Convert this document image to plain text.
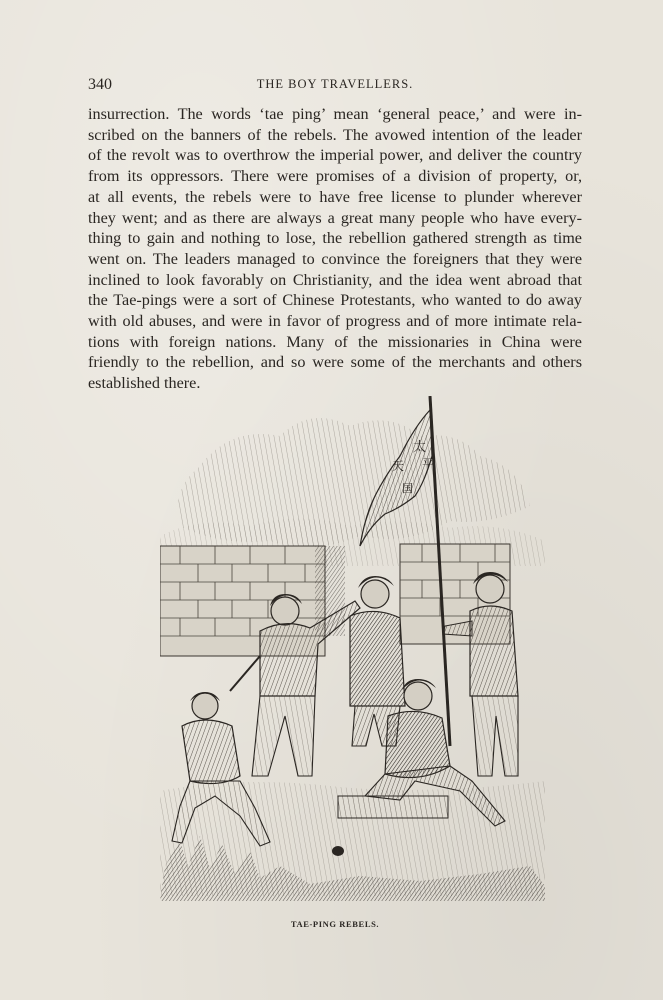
340	THE BOY TRAVELLERS.

insurrection. The words ‘tae ping’ mean ‘general peace,’ and were in-
scribed on the banners of the rebels. The avowed intention of the leader
of the revolt was to overthrow the imperial power, and deliver the country
from its oppressors. There were promises of a division of property, or,
at all events, the rebels were to have free license to plunder wherever
they went; and as there are always a great many people who have every-
thing to gain and nothing to lose, the rebellion gathered strength as time
went on. The leaders managed to convince the foreigners that they were
inclined to look favorably on Christianity, and the idea went abroad that
the Tae-pings were a sort of Chinese Protestants, who wanted to do away
with old abuses, and were in favor of progress and of more intimate rela-
tions with foreign nations. Many of the missionaries in China were
friendly to the rebellion, and so were some of the merchants and others
established there.

太
平
天
国
TAE-PING REBELS.
